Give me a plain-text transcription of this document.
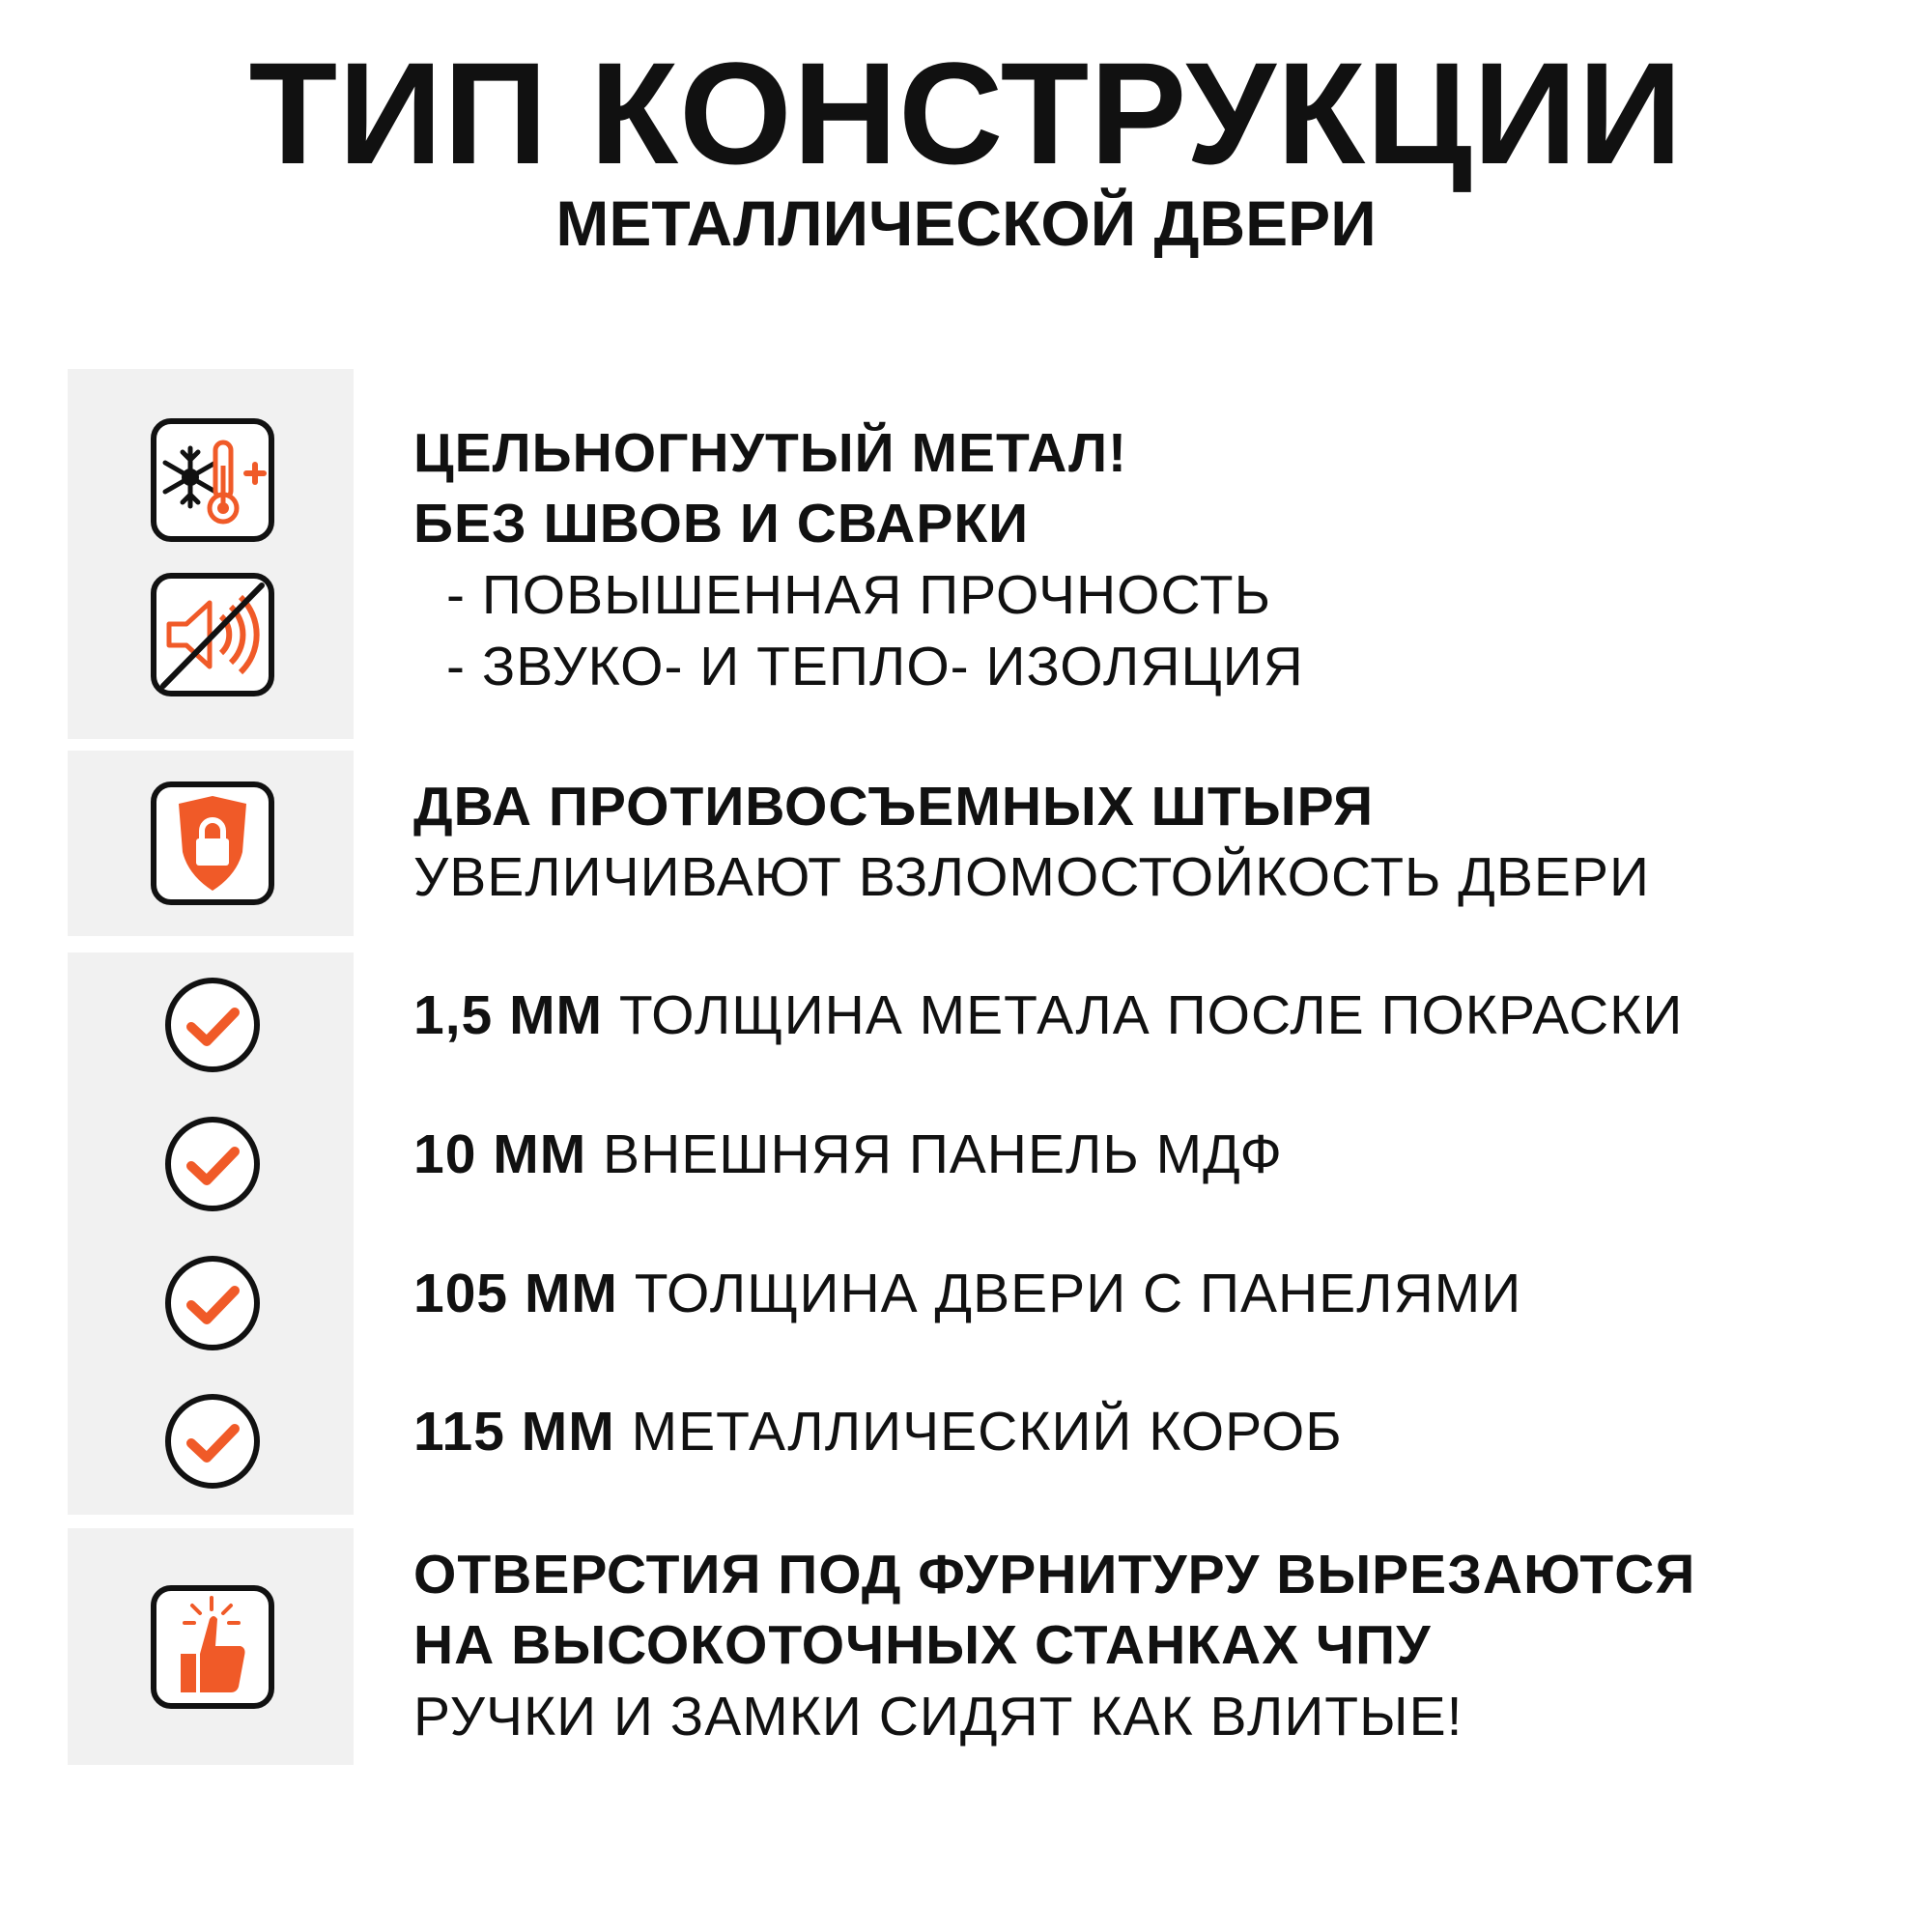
ТИП КОНСТРУКЦИИ
МЕТАЛЛИЧЕСКОЙ ДВЕРИ
ЦЕЛЬНОГНУТЫЙ МЕТАЛ!
БЕЗ ШВОВ И СВАРКИ
- ПОВЫШЕННАЯ ПРОЧНОСТЬ
- ЗВУКО- И ТЕПЛО- ИЗОЛЯЦИЯ
ДВА ПРОТИВОСЪЕМНЫХ ШТЫРЯ
УВЕЛИЧИВАЮТ ВЗЛОМОСТОЙКОСТЬ ДВЕРИ
1,5 ММ ТОЛЩИНА МЕТАЛА ПОСЛЕ ПОКРАСКИ
10 ММ ВНЕШНЯЯ ПАНЕЛЬ МДФ
105 ММ ТОЛЩИНА ДВЕРИ С ПАНЕЛЯМИ
115 ММ МЕТАЛЛИЧЕСКИЙ КОРОБ
ОТВЕРСТИЯ ПОД ФУРНИТУРУ ВЫРЕЗАЮТСЯ
НА ВЫСОКОТОЧНЫХ СТАНКАХ ЧПУ
РУЧКИ И ЗАМКИ СИДЯТ КАК ВЛИТЫЕ!
